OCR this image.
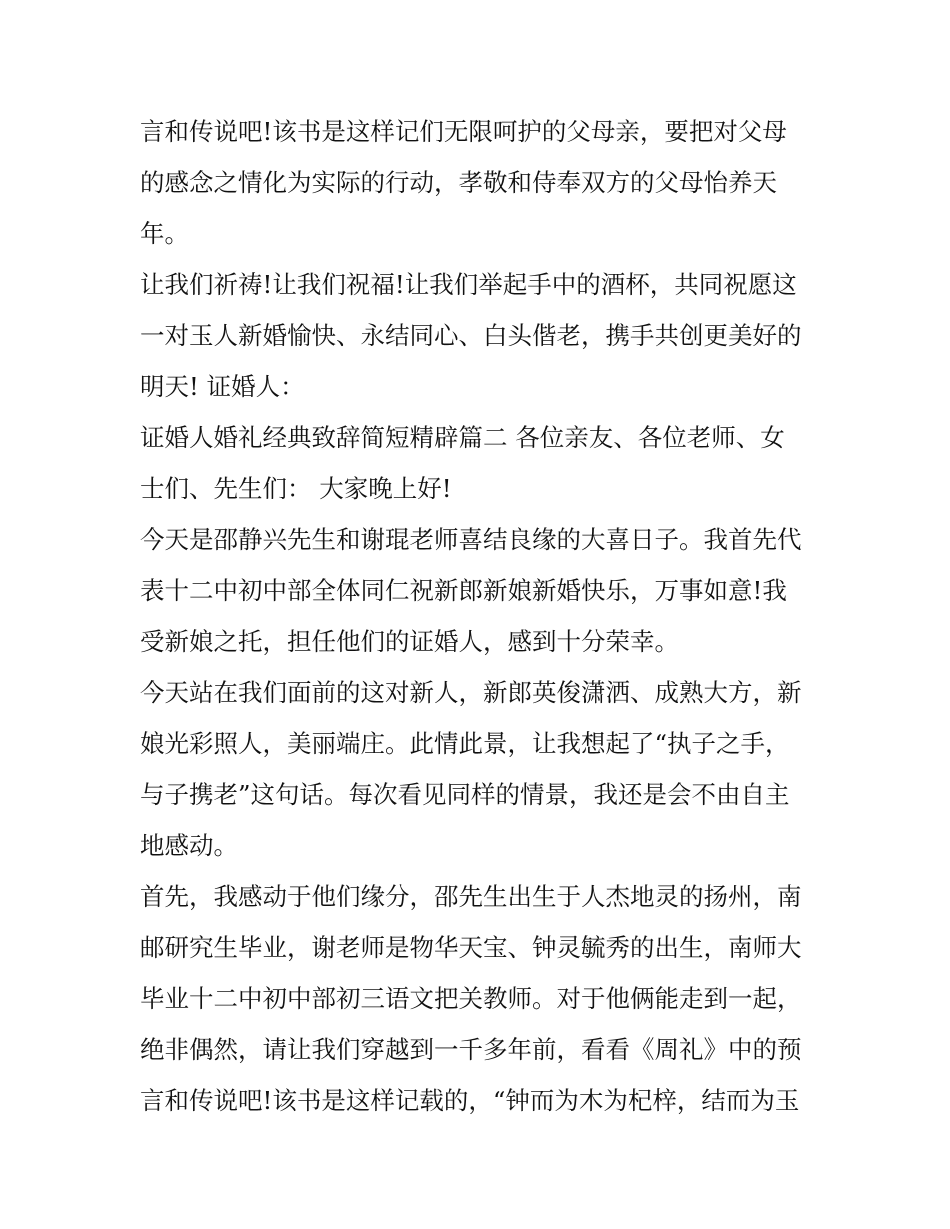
言和传说吧!该书是这样记们无限呵护的父母亲，要把对父母
的感念之情化为实际的行动，孝敬和侍奉双方的父母怡养天
年。
让我们祈祷!让我们祝福!让我们举起手中的酒杯，共同祝愿这
一对玉人新婚愉快、永结同心、白头偕老，携手共创更美好的
明天! 证婚人：
证婚人婚礼经典致辞简短精辟篇二 各位亲友、各位老师、女
士们、先生们： 大家晚上好!
今天是邵静兴先生和谢琨老师喜结良缘的大喜日子。我首先代
表十二中初中部全体同仁祝新郎新娘新婚快乐，万事如意!我
受新娘之托，担任他们的证婚人，感到十分荣幸。
今天站在我们面前的这对新人，新郎英俊潇洒、成熟大方，新
娘光彩照人，美丽端庄。此情此景，让我想起了“执子之手，
与子携老”这句话。每次看见同样的情景，我还是会不由自主
地感动。
首先，我感动于他们缘分，邵先生出生于人杰地灵的扬州，南
邮研究生毕业，谢老师是物华天宝、钟灵毓秀的出生，南师大
毕业十二中初中部初三语文把关教师。对于他俩能走到一起，
绝非偶然，请让我们穿越到一千多年前，看看《周礼》中的预
言和传说吧!该书是这样记载的，“钟而为木为杞梓，结而为玉
